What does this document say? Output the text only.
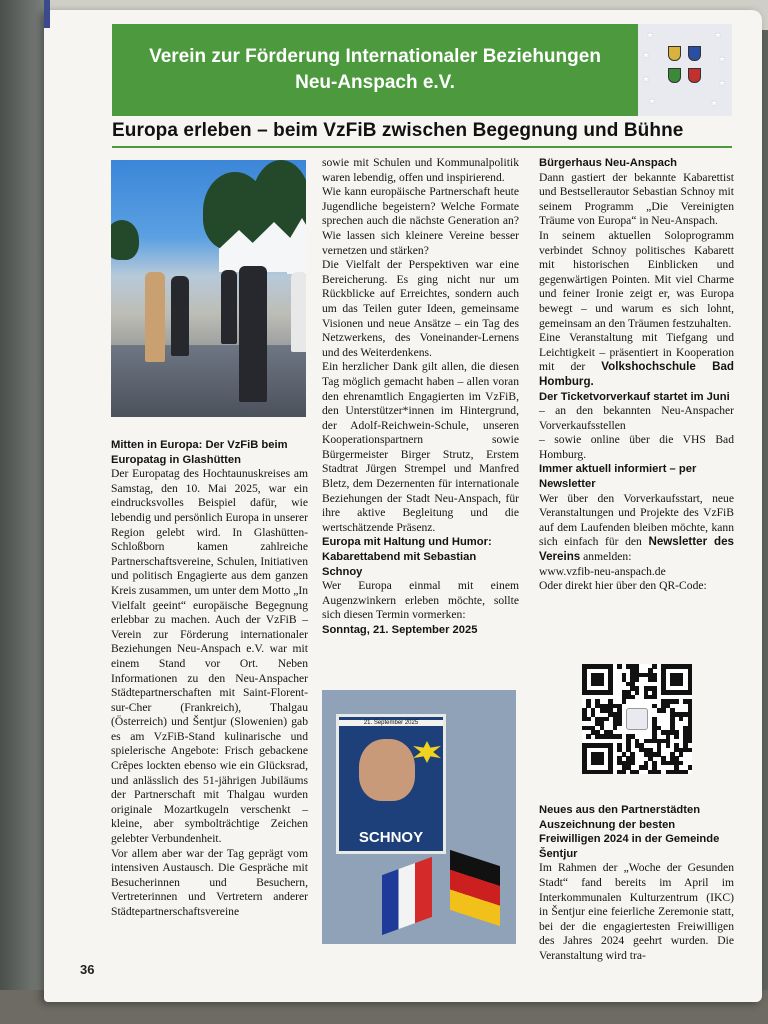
Verein zur Förderung Internationaler Beziehungen
Neu-Anspach e.V.
★
★
★
★
★
★
★
★
Europa erleben – beim VzFiB zwischen Begegnung und Bühne
21. September 2025
SCHNOY

Mitten in Europa: Der VzFiB beim Europatag in Glashütten

Der Europatag des Hochtaunuskreises am Samstag, den 10. Mai 2025, war ein eindrucksvolles Beispiel dafür, wie lebendig und persönlich Europa in unserer Region gelebt wird. In Glashütten-Schloßborn kamen zahlreiche Partnerschaftsvereine, Schulen, Initiativen und politisch Engagierte aus dem ganzen Kreis zusammen, um unter dem Motto „In Vielfalt geeint“ europäische Begegnung erlebbar zu machen. Auch der VzFiB – Verein zur Förderung internationaler Beziehungen Neu-Anspach e.V. war mit einem Stand vor Ort. Neben Informationen zu den Neu-Anspacher Städtepartnerschaften mit Saint-Florent-sur-Cher (Frankreich), Thalgau (Österreich) und Šentjur (Slowenien) gab es am VzFiB-Stand kulinarische und spielerische Angebote: Frisch gebackene Crêpes lockten ebenso wie ein Glücksrad, und anlässlich des 51-jährigen Jubiläums der Partnerschaft mit Thalgau wurden originale Mozartkugeln verschenkt – kleine, aber symbolträchtige Zeichen gelebter Verbundenheit.

Vor allem aber war der Tag geprägt vom intensiven Austausch. Die Gespräche mit Besucherinnen und Besuchern, Vertreterinnen und Vertretern anderer Städtepartnerschaftsvereine

sowie mit Schulen und Kommunalpolitik waren lebendig, offen und inspirierend.

Wie kann europäische Partnerschaft heute Jugendliche begeistern? Welche Formate sprechen auch die nächste Generation an? Wie lassen sich kleinere Vereine besser vernetzen und stärken?

Die Vielfalt der Perspektiven war eine Bereicherung. Es ging nicht nur um Rückblicke auf Erreichtes, sondern auch um das Teilen guter Ideen, gemeinsame Visionen und neue Ansätze – ein Tag des Netzwerkens, des Voneinander-Lernens und des Weiterdenkens.

Ein herzlicher Dank gilt allen, die diesen Tag möglich gemacht haben – allen voran den ehrenamtlich Engagierten im VzFiB, den Unterstützer*innen im Hintergrund, der Adolf-Reichwein-Schule, unseren Kooperationspartnern sowie Bürgermeister Birger Strutz, Erstem Stadtrat Jürgen Strempel und Manfred Bletz, dem Dezernenten für internationale Beziehungen der Stadt Neu-Anspach, für ihre aktive Begleitung und die wertschätzende Präsenz.

Europa mit Haltung und Humor: Kabarettabend mit Sebastian Schnoy

Wer Europa einmal mit einem Augenzwinkern erleben möchte, sollte sich diesen Termin vormerken:

Sonntag, 21. September 2025

Bürgerhaus Neu-Anspach

Dann gastiert der bekannte Kabarettist und Bestsellerautor Sebastian Schnoy mit seinem Programm „Die Vereinigten Träume von Europa“ in Neu-Anspach.

In seinem aktuellen Soloprogramm verbindet Schnoy politisches Kabarett mit historischen Einblicken und gegenwärtigen Pointen. Mit viel Charme und feiner Ironie zeigt er, was Europa bewegt – und warum es sich lohnt, gemeinsam an den Träumen festzuhalten.

Eine Veranstaltung mit Tiefgang und Leichtigkeit – präsentiert in Kooperation mit der Volkshochschule Bad Homburg.

Der Ticketvorverkauf startet im Juni

– an den bekannten Neu-Anspacher Vorverkaufsstellen

– sowie online über die VHS Bad Homburg.

Immer aktuell informiert – per Newsletter

Wer über den Vorverkaufsstart, neue Veranstaltungen und Projekte des VzFiB auf dem Laufenden bleiben möchte, kann sich einfach für den Newsletter des Vereins anmelden:

www.vzfib-neu-anspach.de

Oder direkt hier über den QR-Code:

Neues aus den Partnerstädten Auszeichnung der besten Freiwilligen 2024 in der Gemeinde Šentjur

Im Rahmen der „Woche der Gesunden Stadt“ fand bereits im April im Interkommunalen Kulturzentrum (IKC) in Šentjur eine feierliche Zeremonie statt, bei der die engagiertesten Freiwilligen des Jahres 2024 geehrt wurden. Die Veranstaltung wird tra-

36
